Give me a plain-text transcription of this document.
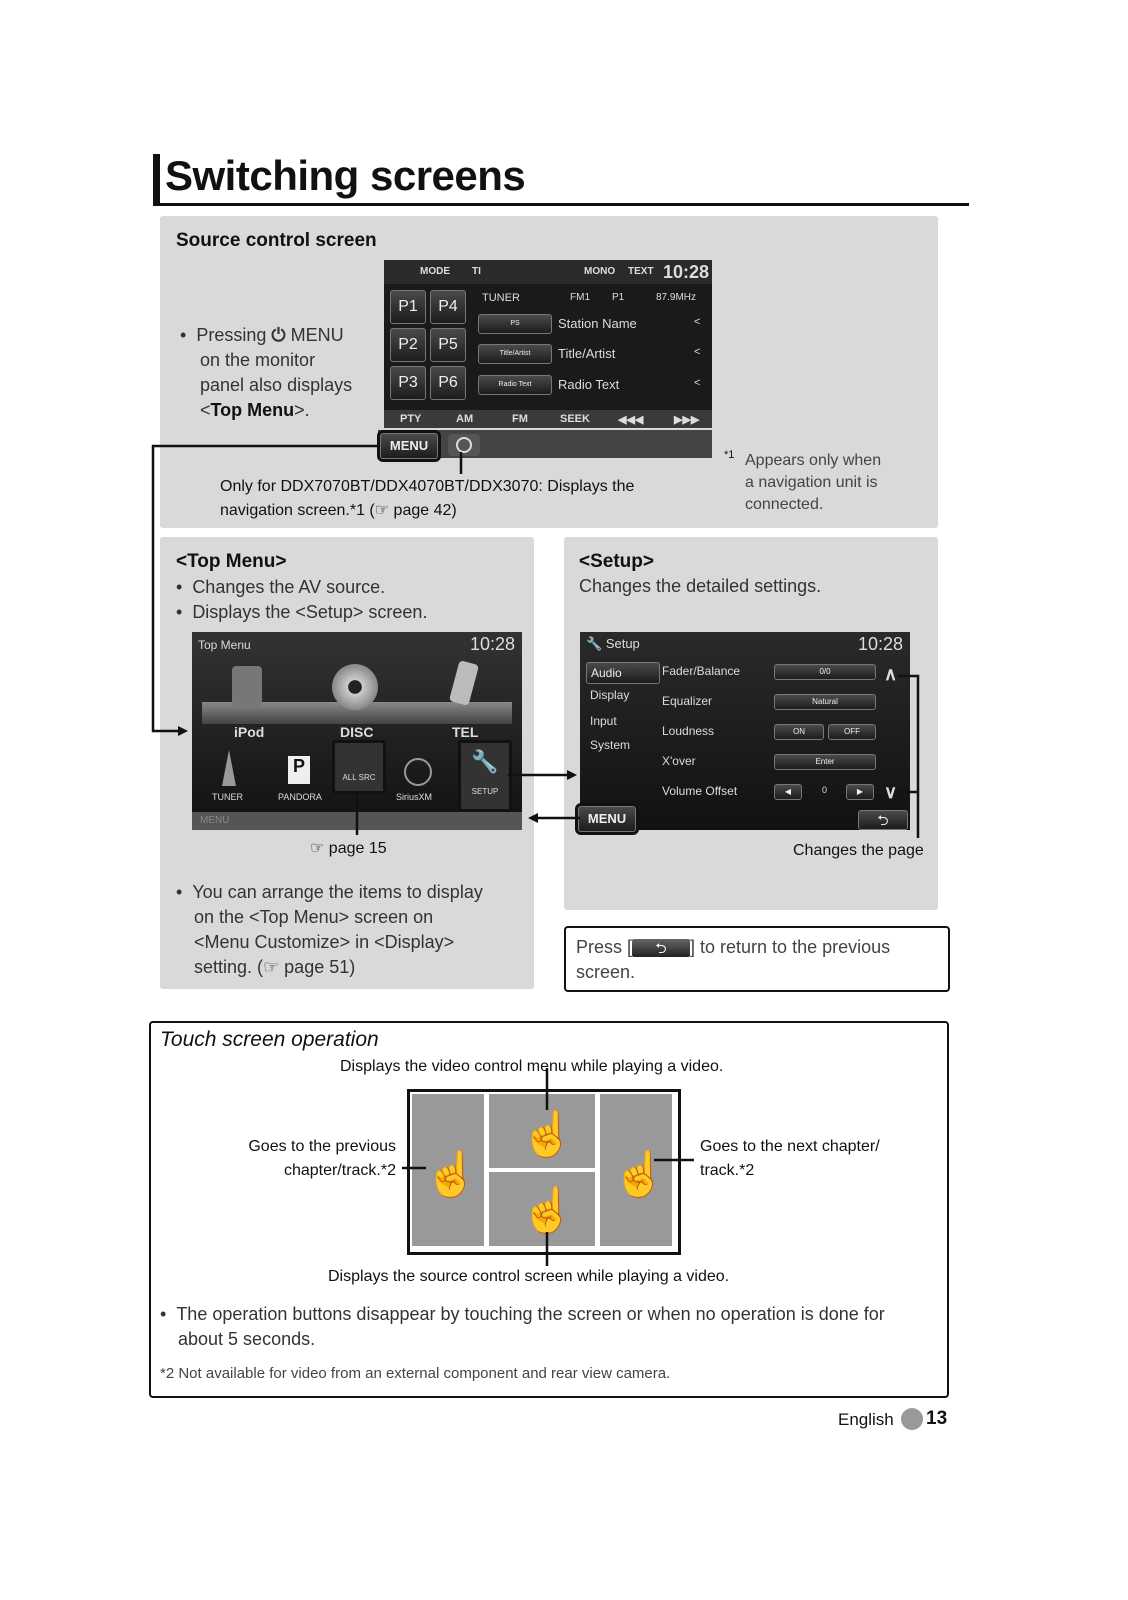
Switching screens
Source control screen
•  Pressing ⏻ MENU
on the monitor
panel also displays
<Top Menu>.
MODE TI	MONO TEXT 10:28
P1	P4
P2	P5
P3	P6
TUNER	FM1 P1	87.9MHz
PS	Station Name	<
Title/Artist	Title/Artist	<
Radio Text	Radio Text	<
PTY	AM	FM	SEEK	◀◀◀	▶▶▶
MENU
Only for DDX7070BT/DDX4070BT/DDX3070: Displays the
navigation screen.*1 (☞ page 42)
*1 Appears only when
a navigation unit is
connected.
<Top Menu>
•  Changes the AV source.
•  Displays the <Setup> screen.
Top Menu	10:28
iPod	DISC	TEL
TUNER
P
PANDORA
ALL SRC
SiriusXM
🔧
SETUP
MENU
☞ page 15
•  You can arrange the items to display
on the <Top Menu> screen on
<Menu Customize> in <Display>
setting. (☞ page 51)
<Setup>
Changes the detailed settings.
🔧 Setup	10:28
Audio
Display
Input
System
Fader/Balance	0/0
Equalizer	Natural
Loudness	ON	OFF
X'over	Enter
Volume Offset	◀	0	▶
∧
∨
⮌
MENU
Changes the page
Press [ ⮌ ] to return to the previous
screen.
Touch screen operation
Displays the video control menu while playing a video.
☝
☝
☝
☝
Goes to the previous
chapter/track.*2
Goes to the next chapter/
track.*2
Displays the source control screen while playing a video.
•  The operation buttons disappear by touching the screen or when no operation is done for
about 5 seconds.
*2 Not available for video from an external component and rear view camera.
English 13
